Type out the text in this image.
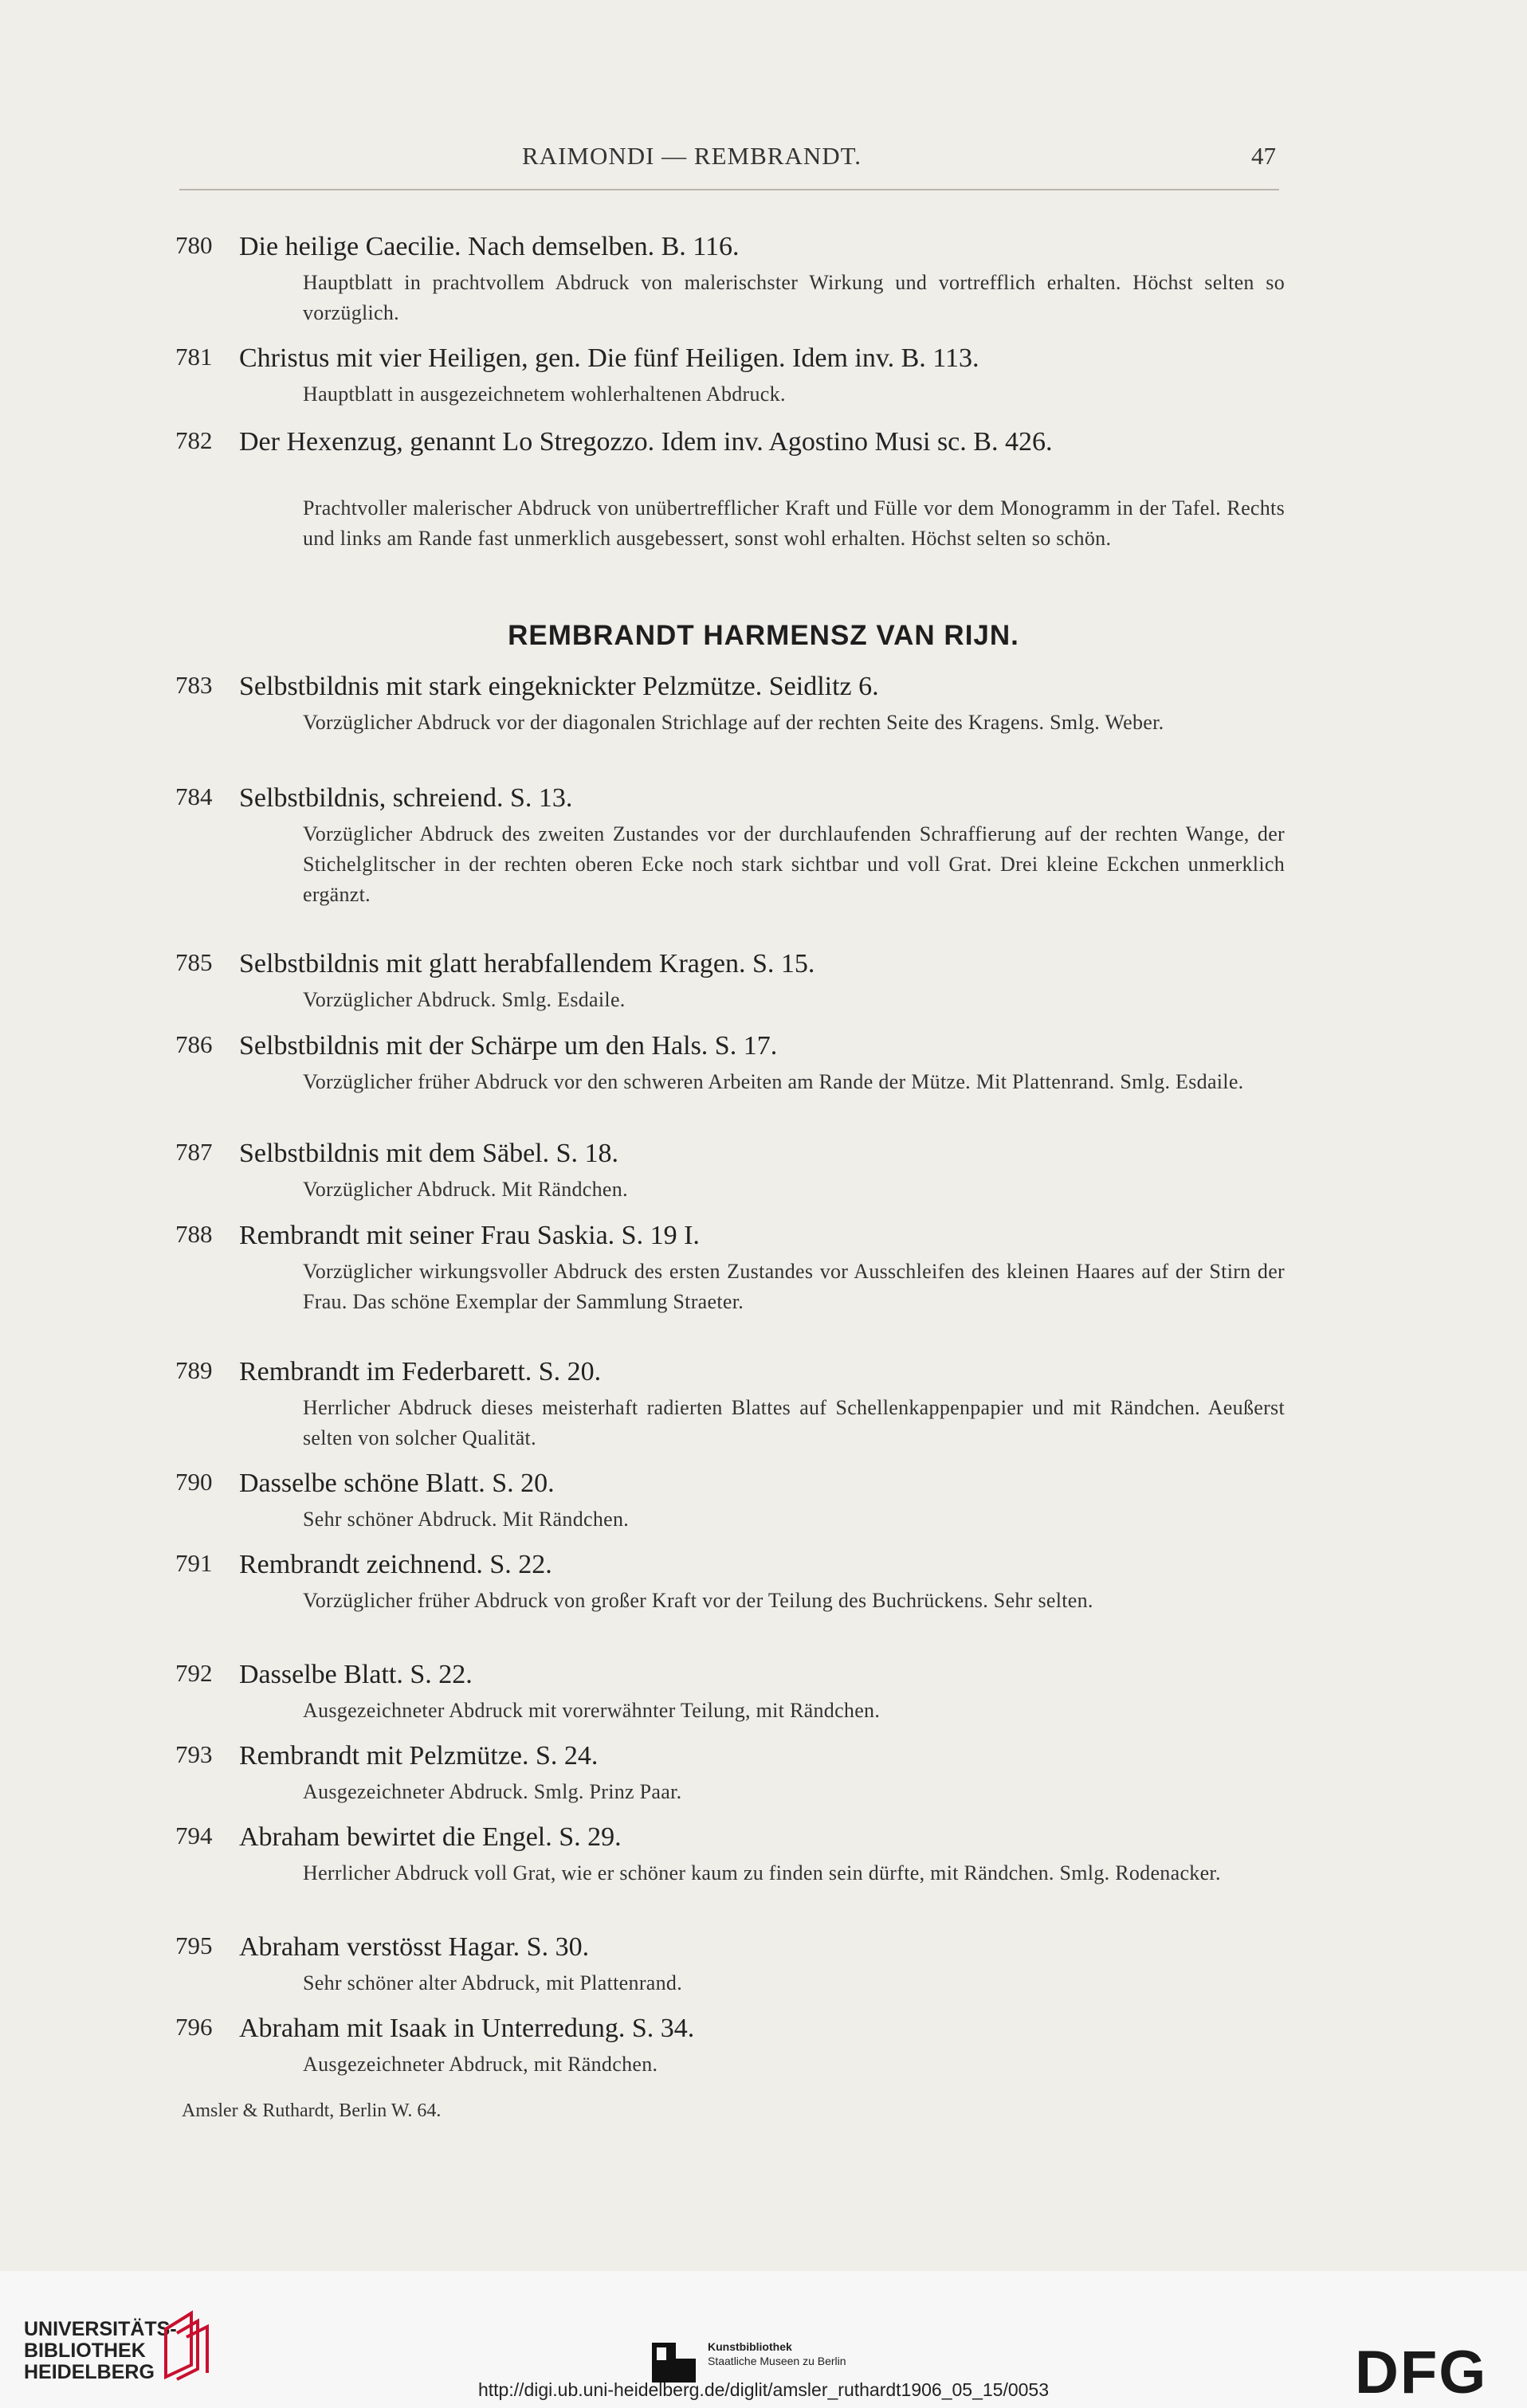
RAIMONDI — REMBRANDT.	47
780 Die heilige Caecilie. Nach demselben. B. 116.
Hauptblatt in prachtvollem Abdruck von malerischster Wirkung und vortrefflich erhalten. Höchst selten so vorzüglich.
781 Christus mit vier Heiligen, gen. Die fünf Heiligen. Idem inv. B. 113.
Hauptblatt in ausgezeichnetem wohlerhaltenen Abdruck.
782 Der Hexenzug, genannt Lo Stregozzo. Idem inv. Agostino Musi sc. B. 426.
Prachtvoller malerischer Abdruck von unübertrefflicher Kraft und Fülle vor dem Monogramm in der Tafel. Rechts und links am Rande fast unmerklich ausgebessert, sonst wohl erhalten. Höchst selten so schön.
REMBRANDT HARMENSZ VAN RIJN.
783 Selbstbildnis mit stark eingeknickter Pelzmütze. Seidlitz 6.
Vorzüglicher Abdruck vor der diagonalen Strichlage auf der rechten Seite des Kragens. Smlg. Weber.
784 Selbstbildnis, schreiend. S. 13.
Vorzüglicher Abdruck des zweiten Zustandes vor der durchlaufenden Schraffierung auf der rechten Wange, der Stichelglitscher in der rechten oberen Ecke noch stark sichtbar und voll Grat. Drei kleine Eckchen unmerklich ergänzt.
785 Selbstbildnis mit glatt herabfallendem Kragen. S. 15.
Vorzüglicher Abdruck. Smlg. Esdaile.
786 Selbstbildnis mit der Schärpe um den Hals. S. 17.
Vorzüglicher früher Abdruck vor den schweren Arbeiten am Rande der Mütze. Mit Plattenrand. Smlg. Esdaile.
787 Selbstbildnis mit dem Säbel. S. 18.
Vorzüglicher Abdruck. Mit Rändchen.
788 Rembrandt mit seiner Frau Saskia. S. 19 I.
Vorzüglicher wirkungsvoller Abdruck des ersten Zustandes vor Ausschleifen des kleinen Haares auf der Stirn der Frau. Das schöne Exemplar der Sammlung Straeter.
789 Rembrandt im Federbarett. S. 20.
Herrlicher Abdruck dieses meisterhaft radierten Blattes auf Schellenkappenpapier und mit Rändchen. Aeußerst selten von solcher Qualität.
790 Dasselbe schöne Blatt. S. 20.
Sehr schöner Abdruck. Mit Rändchen.
791 Rembrandt zeichnend. S. 22.
Vorzüglicher früher Abdruck von großer Kraft vor der Teilung des Buchrückens. Sehr selten.
792 Dasselbe Blatt. S. 22.
Ausgezeichneter Abdruck mit vorerwähnter Teilung, mit Rändchen.
793 Rembrandt mit Pelzmütze. S. 24.
Ausgezeichneter Abdruck. Smlg. Prinz Paar.
794 Abraham bewirtet die Engel. S. 29.
Herrlicher Abdruck voll Grat, wie er schöner kaum zu finden sein dürfte, mit Rändchen. Smlg. Rodenacker.
795 Abraham verstösst Hagar. S. 30.
Sehr schöner alter Abdruck, mit Plattenrand.
796 Abraham mit Isaak in Unterredung. S. 34.
Ausgezeichneter Abdruck, mit Rändchen.
Amsler & Ruthardt, Berlin W. 64.
UNIVERSITÄTS-
BIBLIOTHEK
HEIDELBERG
Kunstbibliothek
Staatliche Museen zu Berlin	DFG
http://digi.ub.uni-heidelberg.de/diglit/amsler_ruthardt1906_05_15/0053
